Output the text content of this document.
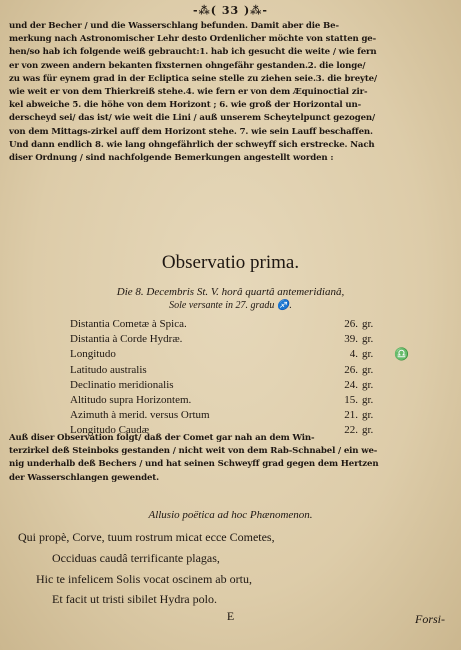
-⁂( 33 )⁂-
und der Becher / und die Wasserschlang befunden. Damit aber die Be-
merkung nach Astronomischer Lehr desto Ordenlicher möchte von statten ge-
hen/so hab ich folgende weiß gebraucht:1. hab ich gesucht die weite / wie fern
er von zween andern bekanten fixsternen ohngefähr gestanden.2. die longe/
zu was für eynem grad in der Ecliptica seine stelle zu ziehen seie.3. die breyte/
wie weit er von dem Thierkreiß stehe.4. wie fern er von dem Æquinoctial zir-
kel abweiche 5. die höhe von dem Horizont ; 6. wie groß der Horizontal un-
derscheyd sei/ das ist/ wie weit die Lini / auß unserem Scheytelpunct gezogen/
von dem Mittags-zirkel auff dem Horizont stehe. 7. wie sein Lauff beschaffen.
Und dann endlich 8. wie lang ohngefährlich der schweyff sich erstrecke. Nach
diser Ordnung / sind nachfolgende Bemerkungen angestellt worden :
Observatio prima.
Die 8. Decembris St. V. horâ quartâ antemeridianâ,
Sole versante in 27. gradu ♐.
Distantia Cometæ à Spica.	26. gr.
Distantia à Corde Hydræ.	39. gr.
Longitudo	4. gr. ♎
Latitudo australis	26. gr.
Declinatio meridionalis	24. gr.
Altitudo supra Horizontem.	15. gr.
Azimuth à merid. versus Ortum	21. gr.
Longitudo Caudæ	22. gr.
Auß diser Observation folgt/ daß der Comet gar nah an dem Win-
terzirkel deß Steinboks gestanden / nicht weit von dem Rab-Schnabel / ein we-
nig underhalb deß Bechers / und hat seinen Schweyff grad gegen dem Hertzen
der Wasserschlangen gewendet.
Allusio poëtica ad hoc Phænomenon.
Qui propè, Corve, tuum rostrum micat ecce Cometes,
Occiduas caudâ terrificante plagas,
Hic te infelicem Solis vocat oscinem ab ortu,
Et facit ut tristi sibilet Hydra polo.
E	Forsi-
